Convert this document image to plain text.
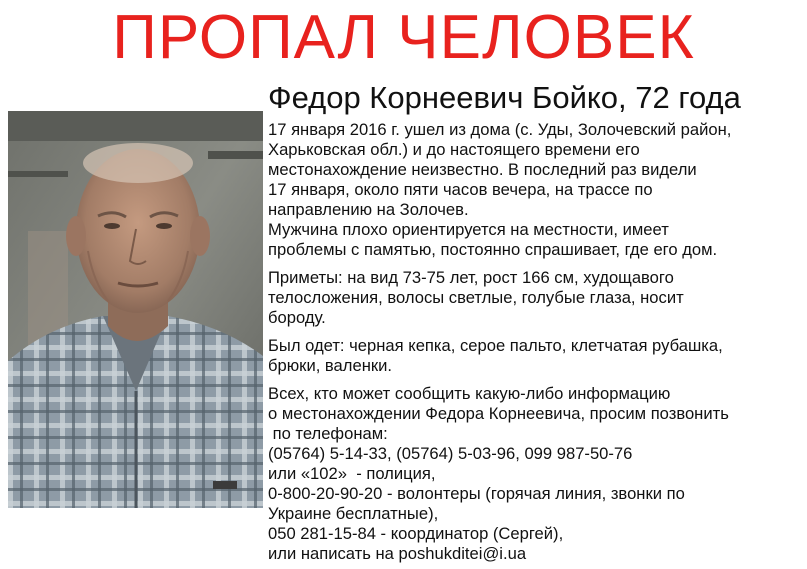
ПРОПАЛ ЧЕЛОВЕК
Федор Корнеевич Бойко, 72 года
17 января 2016 г. ушел из дома (с. Уды, Золочевский район,
Харьковская обл.) и до настоящего времени его
местонахождение неизвестно. В последний раз видели
17 января, около пяти часов вечера, на трассе по
направлению на Золочев.
Мужчина плохо ориентируется на местности, имеет
проблемы с памятью, постоянно спрашивает, где его дом.
Приметы: на вид 73-75 лет, рост 166 см, худощавого
телосложения, волосы светлые, голубые глаза, носит
бороду.
Был одет: черная кепка, серое пальто, клетчатая рубашка,
брюки, валенки.
Всех, кто может сообщить какую-либо информацию
о местонахождении Федора Корнеевича, просим позвонить
по телефонам:
(05764) 5-14-33, (05764) 5-03-96, 099 987-50-76
или «102»  - полиция,
0-800-20-90-20 - волонтеры (горячая линия, звонки по
Украине бесплатные),
050 281-15-84 - координатор (Сергей),
или написать на poshukditei@i.ua
